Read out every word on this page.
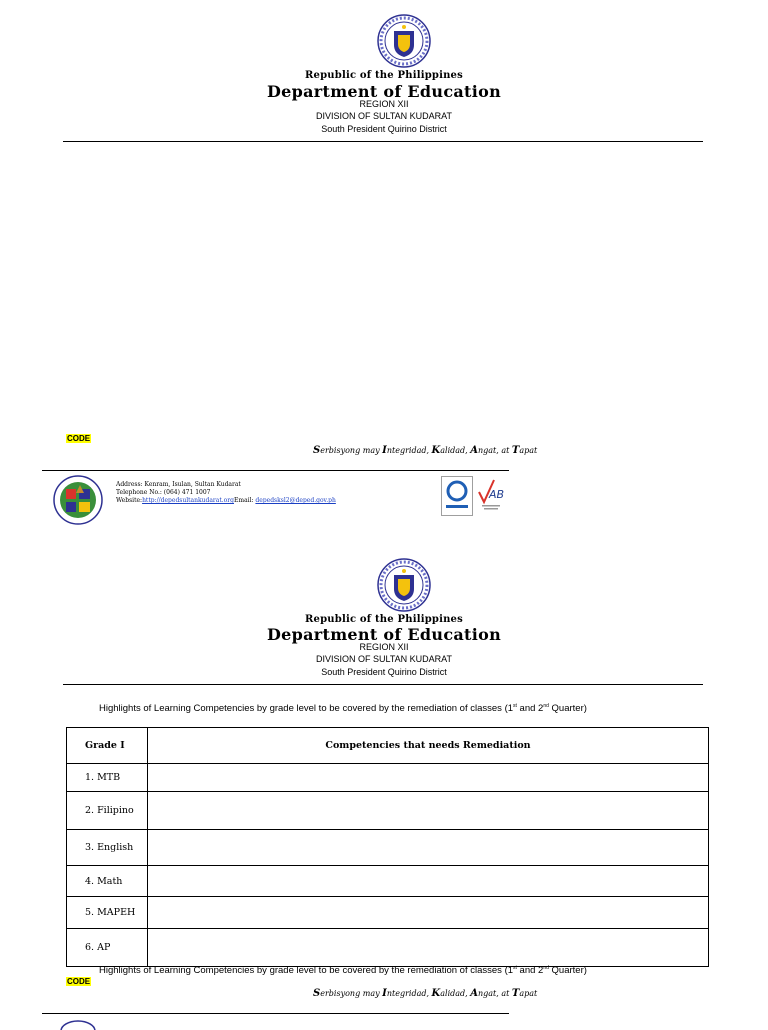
Republic of the Philippines
Department of Education
REGION XII
DIVISION OF SULTAN KUDARAT
South President Quirino District
CODE
Serbisyong may Integridad, Kalidad, Angat, at Tapat
Address: Kenram, Isulan, Sultan Kudarat
Telephone No.: (064) 471 1007
Website:http://depedsultankudarat.orgEmail: depedsksl2@deped.gov.ph	AB
Republic of the Philippines
Department of Education
REGION XII
DIVISION OF SULTAN KUDARAT
South President Quirino District
Highlights of Learning Competencies by grade level to be covered by the remediation of classes (1st and 2nd Quarter)
Grade I	Competencies that needs Remediation
1. MTB	
2. Filipino	
3. English	
4. Math	
5. MAPEH	
6. AP	
Highlights of Learning Competencies by grade level to be covered by the remediation of classes (1st and 2nd Quarter)
CODE
Serbisyong may Integridad, Kalidad, Angat, at Tapat
